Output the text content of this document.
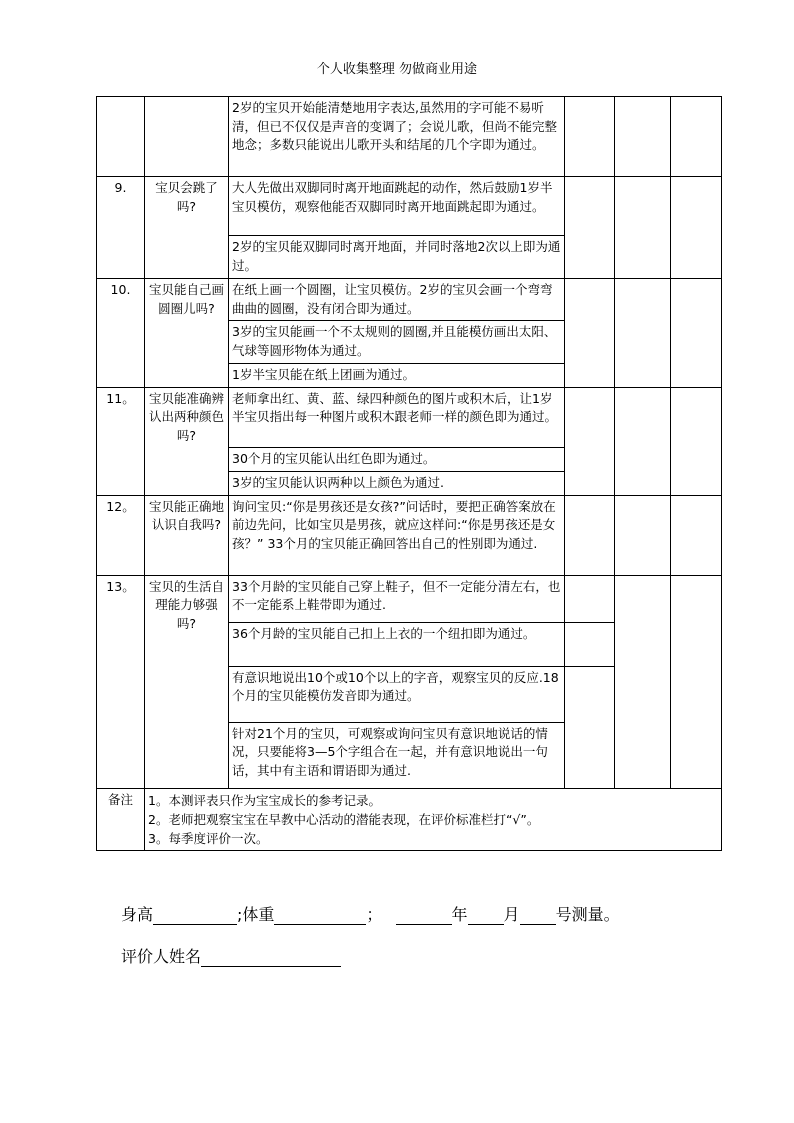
个人收集整理 勿做商业用途
		2岁的宝贝开始能清楚地用字表达,虽然用的字可能不易听清，但已不仅仅是声音的变调了；会说儿歌，但尚不能完整地念；多数只能说出儿歌开头和结尾的几个字即为通过。			
9.	宝贝会跳了吗?	大人先做出双脚同时离开地面跳起的动作，然后鼓励1岁半宝贝模仿，观察他能否双脚同时离开地面跳起即为通过。			
		2岁的宝贝能双脚同时离开地面，并同时落地2次以上即为通过。			
10.	宝贝能自己画圆圈儿吗?	在纸上画一个圆圈，让宝贝模仿。2岁的宝贝会画一个弯弯曲曲的圆圈，没有闭合即为通过。			
		3岁的宝贝能画一个不太规则的圆圈,并且能模仿画出太阳、气球等圆形物体为通过。			
		1岁半宝贝能在纸上团画为通过。			
11。	宝贝能准确辨认出两种颜色吗?	老师拿出红、黄、蓝、绿四种颜色的图片或积木后，让1岁半宝贝指出每一种图片或积木跟老师一样的颜色即为通过。			
		30个月的宝贝能认出红色即为通过。			
		3岁的宝贝能认识两种以上颜色为通过.			
12。	宝贝能正确地认识自我吗?	询问宝贝:“你是男孩还是女孩?”问话时，要把正确答案放在前边先问，比如宝贝是男孩，就应这样问:“你是男孩还是女孩？” 33个月的宝贝能正确回答出自己的性别即为通过.			
13。	宝贝的生活自理能力够强吗?	33个月龄的宝贝能自己穿上鞋子，但不一定能分清左右，也不一定能系上鞋带即为通过.			
		36个月龄的宝贝能自己扣上上衣的一个纽扣即为通过。			
		有意识地说出10个或10个以上的字音，观察宝贝的反应.18个月的宝贝能模仿发音即为通过。			
		针对21个月的宝贝，可观察或询问宝贝有意识地说话的情况，只要能将3—5个字组合在一起，并有意识地说出一句话，其中有主语和谓语即为通过.			
备注	1。本测评表只作为宝宝成长的参考记录。
2。老师把观察宝宝在早教中心活动的潜能表现，在评价标准栏打“√”。
3。每季度评价一次。				
身高	;体重	；	年 月 号测量。
评价人姓名
